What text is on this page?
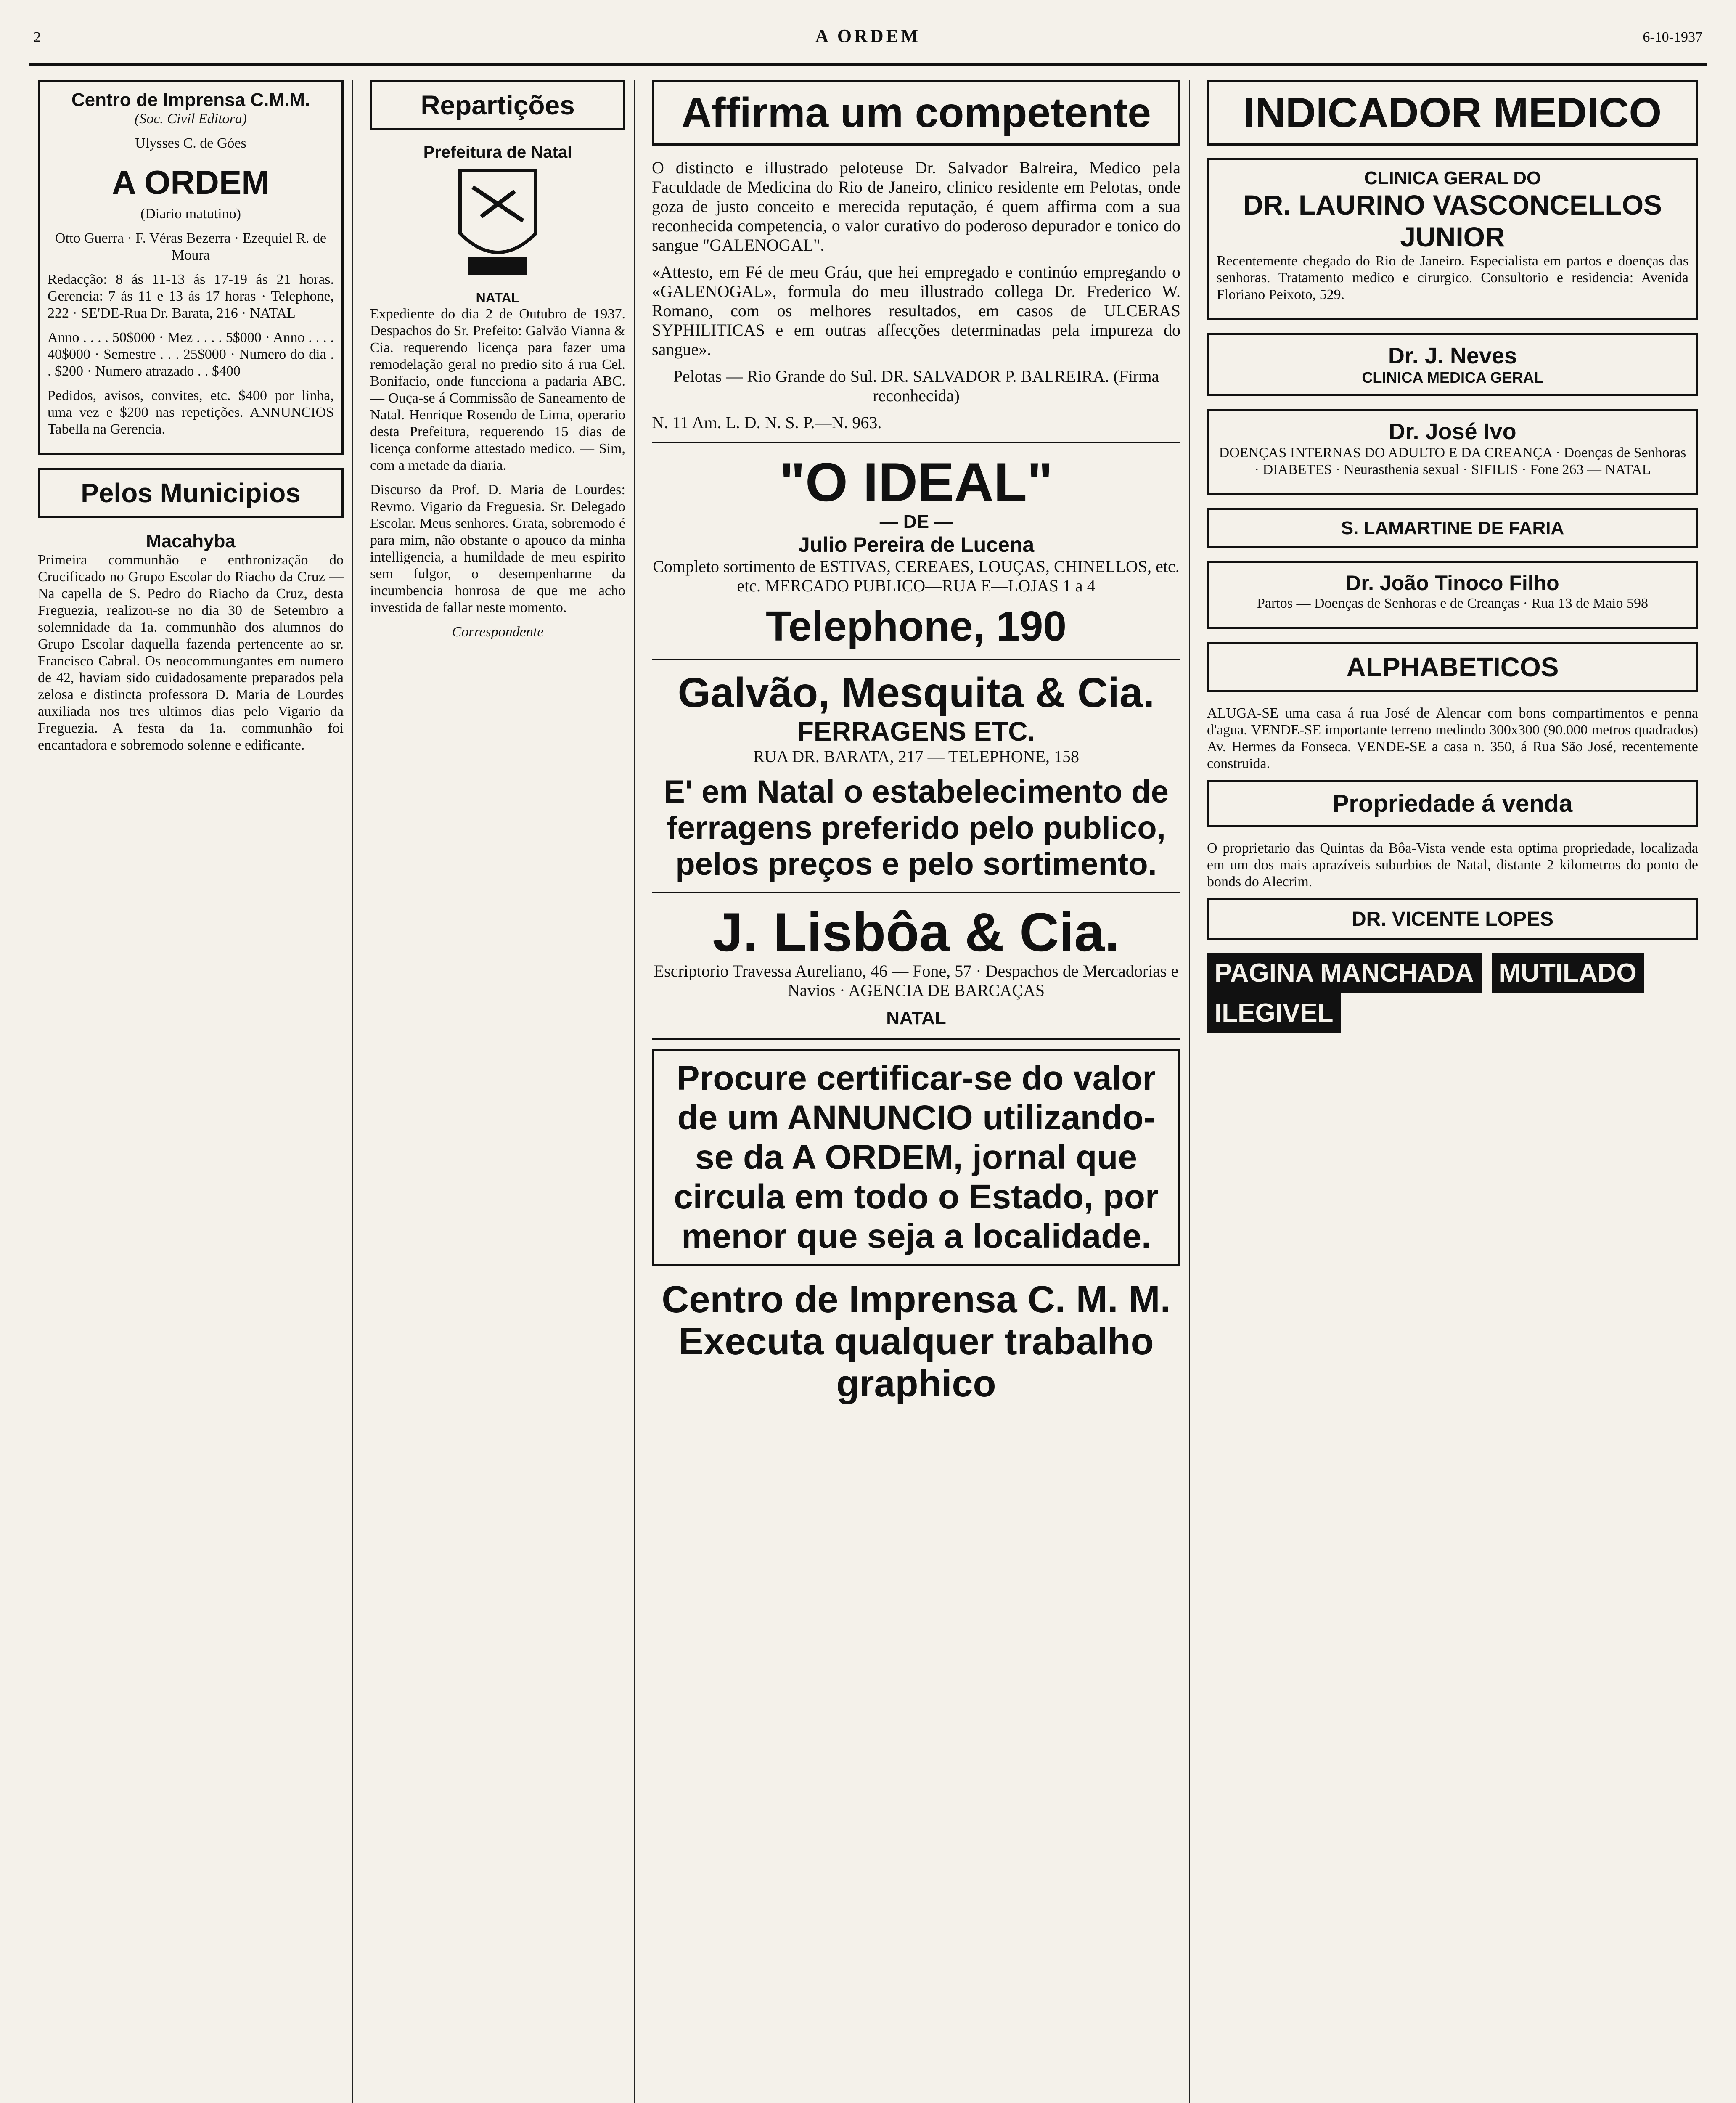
2	A ORDEM	6-10-1937
Centro de Imprensa C.M.M.

(Soc. Civil Editora)

Ulysses C. de Góes

A ORDEM

(Diario matutino)

Otto Guerra · F. Véras Bezerra · Ezequiel R. de Moura

Redacção: 8 ás 11-13 ás 17-19 ás 21 horas. Gerencia: 7 ás 11 e 13 ás 17 horas · Telephone, 222 · SE'DE-Rua Dr. Barata, 216 · NATAL

Anno . . . . 50$000 · Mez . . . . 5$000 · Anno . . . . 40$000 · Semestre . . . 25$000 · Numero do dia . . $200 · Numero atrazado . . $400

Pedidos, avisos, convites, etc. $400 por linha, uma vez e $200 nas repetições. ANNUNCIOS Tabella na Gerencia.

Pelos Municipios
Macahyba

Primeira communhão e enthronização do Crucificado no Grupo Escolar do Riacho da Cruz — Na capella de S. Pedro do Riacho da Cruz, desta Freguezia, realizou-se no dia 30 de Setembro a solemnidade da 1a. communhão dos alumnos do Grupo Escolar daquella fazenda pertencente ao sr. Francisco Cabral. Os neocommungantes em numero de 42, haviam sido cuidadosamente preparados pela zelosa e distincta professora D. Maria de Lourdes auxiliada nos tres ultimos dias pelo Vigario da Freguezia. A festa da 1a. communhão foi encantadora e sobremodo solenne e edificante.

Repartições
Prefeitura de Natal
NATAL

Expediente do dia 2 de Outubro de 1937. Despachos do Sr. Prefeito: Galvão Vianna & Cia. requerendo licença para fazer uma remodelação geral no predio sito á rua Cel. Bonifacio, onde funcciona a padaria ABC. — Ouça-se á Commissão de Saneamento de Natal. Henrique Rosendo de Lima, operario desta Prefeitura, requerendo 15 dias de licença conforme attestado medico. — Sim, com a metade da diaria.

Discurso da Prof. D. Maria de Lourdes: Revmo. Vigario da Freguesia. Sr. Delegado Escolar. Meus senhores. Grata, sobremodo é para mim, não obstante o apouco da minha intelligencia, a humildade de meu espirito sem fulgor, o desempenharme da incumbencia honrosa de que me acho investida de fallar neste momento.

Correspondente

Affirma um competente

O distincto e illustrado peloteuse Dr. Salvador Balreira, Medico pela Faculdade de Medicina do Rio de Janeiro, clinico residente em Pelotas, onde goza de justo conceito e merecida reputação, é quem affirma com a sua reconhecida competencia, o valor curativo do poderoso depurador e tonico do sangue "GALENOGAL".

«Attesto, em Fé de meu Gráu, que hei empregado e continúo empregando o «GALENOGAL», formula do meu illustrado collega Dr. Frederico W. Romano, com os melhores resultados, em casos de ULCERAS SYPHILITICAS e em outras affecções determinadas pela impureza do sangue».

Pelotas — Rio Grande do Sul. DR. SALVADOR P. BALREIRA. (Firma reconhecida)

N. 11 Am. L. D. N. S. P.—N. 963.

"O IDEAL"
— DE —
Julio Pereira de Lucena

Completo sortimento de ESTIVAS, CEREAES, LOUÇAS, CHINELLOS, etc. etc. MERCADO PUBLICO—RUA E—LOJAS 1 a 4

Telephone, 190
Galvão, Mesquita & Cia.
FERRAGENS ETC.

RUA DR. BARATA, 217 — TELEPHONE, 158

E' em Natal o estabelecimento de ferragens preferido pelo publico, pelos preços e pelo sortimento.
J. Lisbôa & Cia.

Escriptorio Travessa Aureliano, 46 — Fone, 57 · Despachos de Mercadorias e Navios · AGENCIA DE BARCAÇAS

NATAL
Procure certificar-se do valor de um ANNUNCIO utilizando-se da A ORDEM, jornal que circula em todo o Estado, por menor que seja a localidade.
Centro de Imprensa C. M. M. Executa qualquer trabalho graphico
INDICADOR MEDICO
CLINICA GERAL DO
DR. LAURINO VASCONCELLOS JUNIOR

Recentemente chegado do Rio de Janeiro. Especialista em partos e doenças das senhoras. Tratamento medico e cirurgico. Consultorio e residencia: Avenida Floriano Peixoto, 529.

Dr. J. Neves
CLINICA MEDICA GERAL
Dr. José Ivo

DOENÇAS INTERNAS DO ADULTO E DA CREANÇA · Doenças de Senhoras · DIABETES · Neurasthenia sexual · SIFILIS · Fone 263 — NATAL

S. LAMARTINE DE FARIA
Dr. João Tinoco Filho

Partos — Doenças de Senhoras e de Creanças · Rua 13 de Maio 598

ALPHABETICOS

ALUGA-SE uma casa á rua José de Alencar com bons compartimentos e penna d'agua. VENDE-SE importante terreno medindo 300x300 (90.000 metros quadrados) Av. Hermes da Fonseca. VENDE-SE a casa n. 350, á Rua São José, recentemente construida.

Propriedade á venda

O proprietario das Quintas da Bôa-Vista vende esta optima propriedade, localizada em um dos mais aprazíveis suburbios de Natal, distante 2 kilometros do ponto de bonds do Alecrim.

DR. VICENTE LOPES
PAGINA MANCHADA MUTILADO ILEGIVEL
